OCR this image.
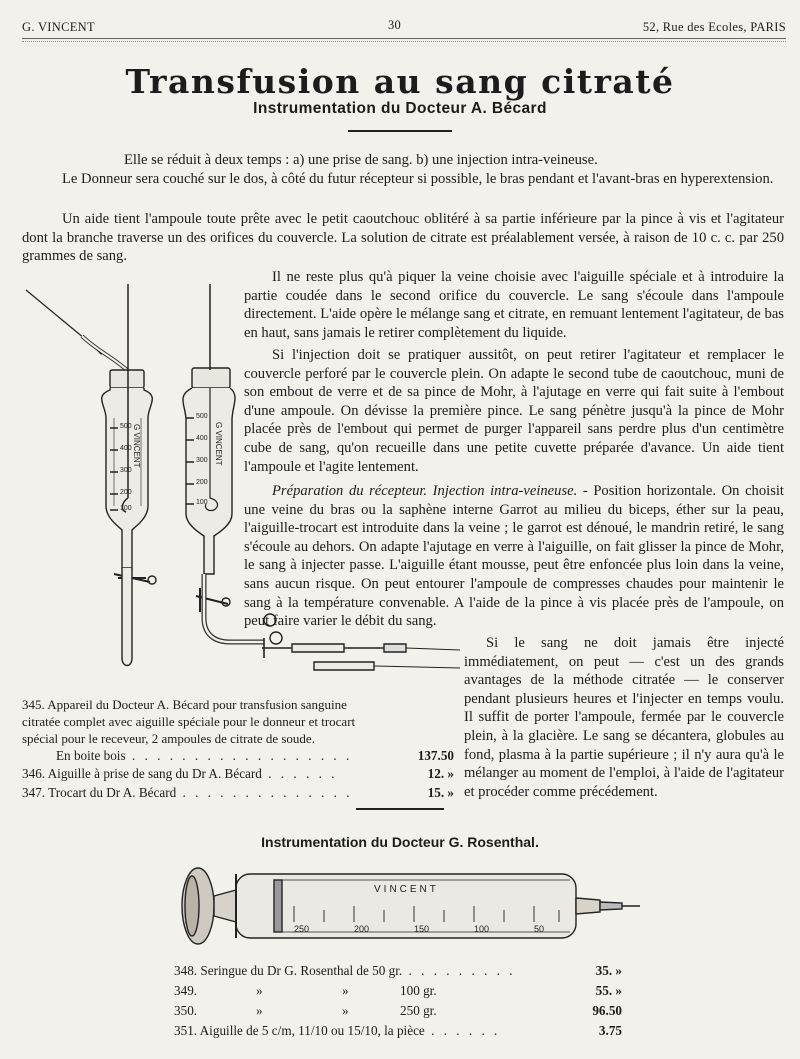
G. VINCENT	30	52, Rue des Ecoles, PARIS
Transfusion au sang citraté
Instrumentation du Docteur A. Bécard
Elle se réduit à deux temps : a) une prise de sang. b) une injection intra-veineuse.
Le Donneur sera couché sur le dos, à côté du futur récepteur si possible, le bras pendant et l'avant-bras en hyperextension.
Un aide tient l'ampoule toute prête avec le petit caoutchouc oblitéré à sa partie inférieure par la pince à vis et l'agitateur dont la branche traverse un des orifices du couvercle. La solution de citrate est préalablement versée, à raison de 10 c. c. par 250 grammes de sang.
Il ne reste plus qu'à piquer la veine choisie avec l'aiguille spéciale et à introduire la partie coudée dans le second orifice du couvercle. Le sang s'écoule dans l'ampoule directement. L'aide opère le mélange sang et citrate, en remuant lentement l'agitateur, de bas en haut, sans jamais le retirer complètement du liquide.
Si l'injection doit se pratiquer aussitôt, on peut retirer l'agitateur et remplacer le couvercle perforé par le couvercle plein. On adapte le second tube de caoutchouc, muni de son embout de verre et de sa pince de Mohr, à l'ajutage en verre qui fait suite à l'embout d'une ampoule. On dévisse la première pince. Le sang pénètre jusqu'à la pince de Mohr placée près de l'embout qui permet de purger l'appareil sans perdre plus d'un centimètre cube de sang, qu'on recueille dans une petite cuvette préparée d'avance. Un aide tient l'ampoule et l'agite lentement.
Préparation du récepteur. Injection intra-veineuse. - Position horizontale. On choisit une veine du bras ou la saphène interne Garrot au milieu du biceps, éther sur la peau, l'aiguille-trocart est introduite dans la veine ; le garrot est dénoué, le mandrin retiré, le sang s'écoule au dehors. On adapte l'ajutage en verre à l'aiguille, on fait glisser la pince de Mohr, le sang à injecter passe. L'aiguille étant mousse, peut être enfoncée plus loin dans la veine, sans aucun risque. On peut entourer l'ampoule de compresses chaudes pour maintenir le sang à la température convenable. A l'aide de la pince à vis placée près de l'ampoule, on peut faire varier le débit du sang.
Si le sang ne doit jamais être injecté immédiatement, on peut — c'est un des grands avantages de la méthode citratée — le conserver pendant plusieurs heures et l'injecter en temps voulu. Il suffit de porter l'ampoule, fermée par le couvercle plein, à la glacière. Le sang se décantera, globules au fond, plasma à la partie supérieure ; il n'y aura qu'à le mélanger au moment de l'emploi, à l'aide de l'agitateur et procéder comme précédement.
500
400
300
200
100
500
400
300
200
100
G VINCENT	G VINCENT
345. Appareil du Docteur A. Bécard pour transfusion sanguine citratée complet avec aiguille spéciale pour le donneur et trocart spécial pour le receveur, 2 ampoules de citrate de soude.
En boite bois . . . . . . . . . . . . . . . . . .	137.50
346. Aiguille à prise de sang du Dr A. Bécard . . . . . .	12. »
347. Trocart du Dr A. Bécard . . . . . . . . . . . . . .	15. »
Instrumentation du Docteur G. Rosenthal.
VINCENT
250	200	150	100	50
348. Seringue du Dr G. Rosenthal de 50 gr. . . . . . . . . .	35. »
349.	»	»	100 gr.	55. »
350.	»	»	250 gr.	96.50
351. Aiguille de 5 c/m, 11/10 ou 15/10, la pièce . . . . . .	3.75
